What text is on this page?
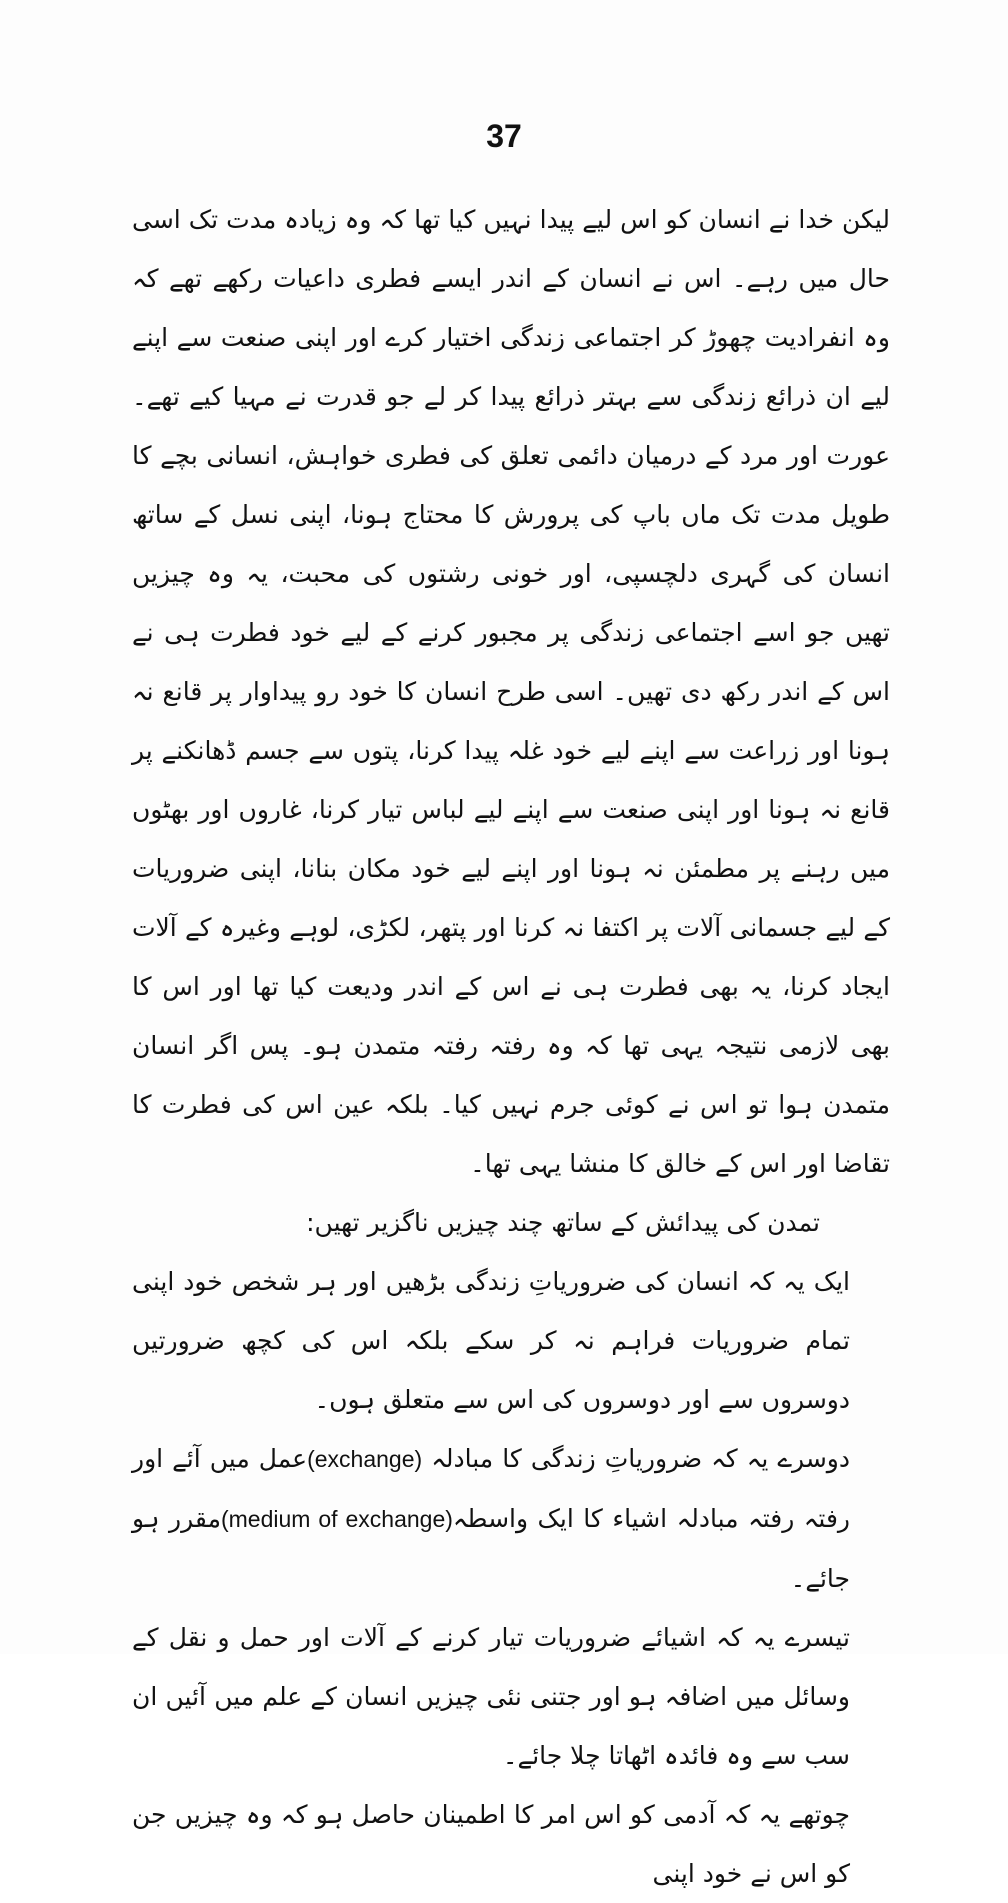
37

لیکن خدا نے انسان کو اس لیے پیدا نہیں کیا تھا کہ وہ زیادہ مدت تک اسی حال میں رہے۔ اس نے انسان کے اندر ایسے فطری داعیات رکھے تھے کہ وہ انفرادیت چھوڑ کر اجتماعی زندگی اختیار کرے اور اپنی صنعت سے اپنے لیے ان ذرائع زندگی سے بہتر ذرائع پیدا کر لے جو قدرت نے مہیا کیے تھے۔ عورت اور مرد کے درمیان دائمی تعلق کی فطری خواہش، انسانی بچے کا طویل مدت تک ماں باپ کی پرورش کا محتاج ہونا، اپنی نسل کے ساتھ انسان کی گہری دلچسپی، اور خونی رشتوں کی محبت، یہ وہ چیزیں تھیں جو اسے اجتماعی زندگی پر مجبور کرنے کے لیے خود فطرت ہی نے اس کے اندر رکھ دی تھیں۔ اسی طرح انسان کا خود رو پیداوار پر قانع نہ ہونا اور زراعت سے اپنے لیے خود غلہ پیدا کرنا، پتوں سے جسم ڈھانکنے پر قانع نہ ہونا اور اپنی صنعت سے اپنے لیے لباس تیار کرنا، غاروں اور بھٹوں میں رہنے پر مطمئن نہ ہونا اور اپنے لیے خود مکان بنانا، اپنی ضروریات کے لیے جسمانی آلات پر اکتفا نہ کرنا اور پتھر، لکڑی، لوہے وغیرہ کے آلات ایجاد کرنا، یہ بھی فطرت ہی نے اس کے اندر ودیعت کیا تھا اور اس کا بھی لازمی نتیجہ یہی تھا کہ وہ رفتہ رفتہ متمدن ہو۔ پس اگر انسان متمدن ہوا تو اس نے کوئی جرم نہیں کیا۔ بلکہ عین اس کی فطرت کا تقاضا اور اس کے خالق کا منشا یہی تھا۔

تمدن کی پیدائش کے ساتھ چند چیزیں ناگزیر تھیں:

ایک یہ کہ انسان کی ضروریاتِ زندگی بڑھیں اور ہر شخص خود اپنی تمام ضروریات فراہم نہ کر سکے بلکہ اس کی کچھ ضرورتیں دوسروں سے اور دوسروں کی اس سے متعلق ہوں۔

دوسرے یہ کہ ضروریاتِ زندگی کا مبادلہ (exchange)عمل میں آئے اور رفتہ رفتہ مبادلہ اشیاء کا ایک واسطہ(medium of exchange)مقرر ہو جائے۔

تیسرے یہ کہ اشیائے ضروریات تیار کرنے کے آلات اور حمل و نقل کے وسائل میں اضافہ ہو اور جتنی نئی چیزیں انسان کے علم میں آئیں ان سب سے وہ فائدہ اٹھاتا چلا جائے۔

چوتھے یہ کہ آدمی کو اس امر کا اطمینان حاصل ہو کہ وہ چیزیں جن کو اس نے خود اپنی
